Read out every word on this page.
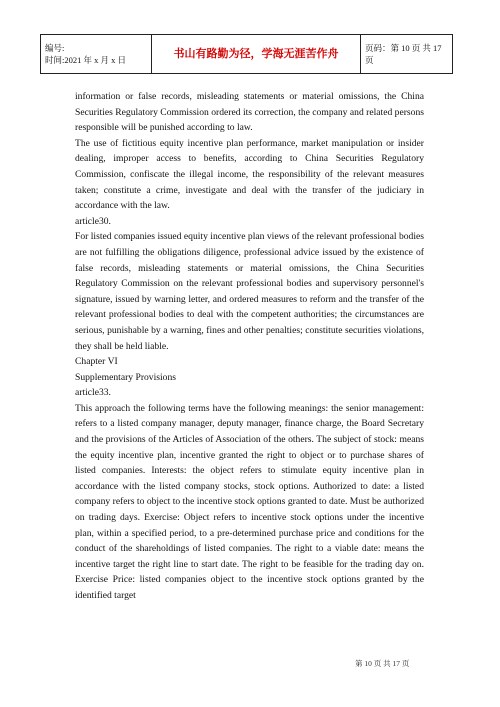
编号:
时间:2021 年 x 月 x 日	书山有路勤为径，学海无涯苦作舟	页码：第 10 页 共 17 页

information or false records, misleading statements or material omissions, the China Securities Regulatory Commission ordered its correction, the company and related persons responsible will be punished according to law.

The use of fictitious equity incentive plan performance, market manipulation or insider dealing, improper access to benefits, according to China Securities Regulatory Commission, confiscate the illegal income, the responsibility of the relevant measures taken; constitute a crime, investigate and deal with the transfer of the judiciary in accordance with the law.

article30.

For listed companies issued equity incentive plan views of the relevant professional bodies are not fulfilling the obligations diligence, professional advice issued by the existence of false records, misleading statements or material omissions, the China Securities Regulatory Commission on the relevant professional bodies and supervisory personnel's signature, issued by warning letter, and ordered measures to reform and the transfer of the relevant professional bodies to deal with the competent authorities; the circumstances are serious, punishable by a warning, fines and other penalties; constitute securities violations, they shall be held liable.

Chapter VI

Supplementary Provisions

article33.

This approach the following terms have the following meanings: the senior management: refers to a listed company manager, deputy manager, finance charge, the Board Secretary and the provisions of the Articles of Association of the others. The subject of stock: means the equity incentive plan, incentive granted the right to object or to purchase shares of listed companies. Interests: the object refers to stimulate equity incentive plan in accordance with the listed company stocks, stock options. Authorized to date: a listed company refers to object to the incentive stock options granted to date. Must be authorized on trading days. Exercise: Object refers to incentive stock options under the incentive plan, within a specified period, to a pre-determined purchase price and conditions for the conduct of the shareholdings of listed companies. The right to a viable date: means the incentive target the right line to start date. The right to be feasible for the trading day on. Exercise Price: listed companies object to the incentive stock options granted by the identified target

第 10 页 共 17 页
